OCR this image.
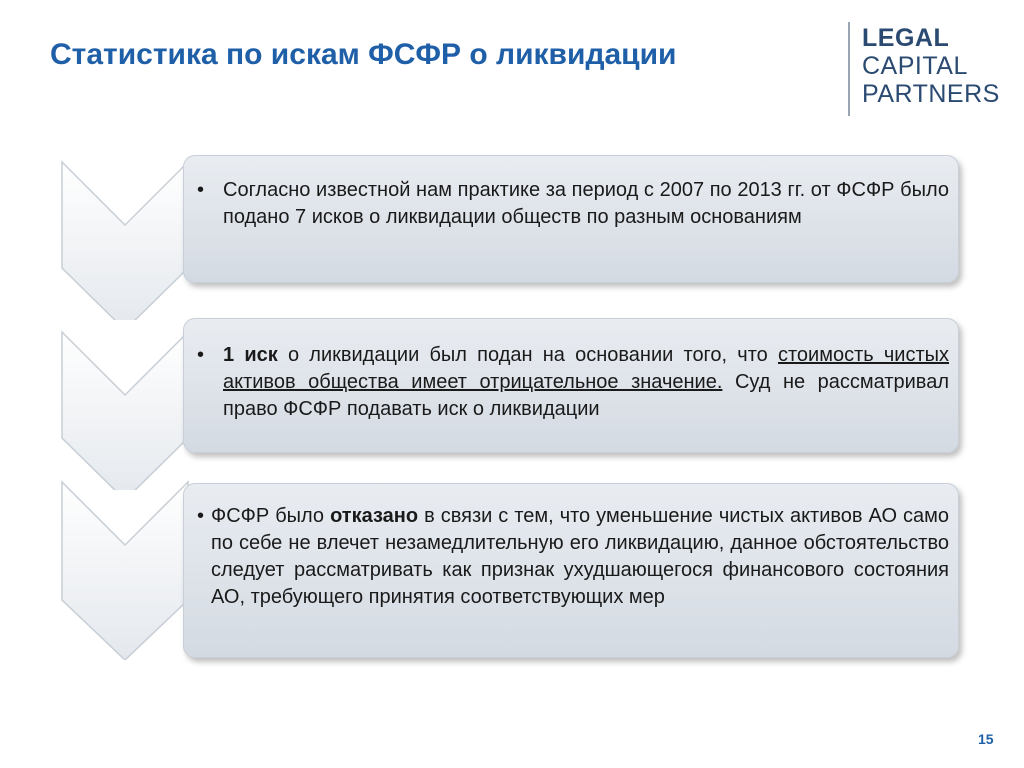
Статистика по искам ФСФР о ликвидации	LEGAL
CAPITAL
PARTNERS
• Согласно известной нам практике за период с 2007 по 2013 гг. от ФСФР было подано 7 исков о ликвидации обществ по разным основаниям
• 1 иск о ликвидации был подан на основании того, что стоимость чистых активов общества имеет отрицательное значение. Суд не рассматривал право ФСФР подавать иск о ликвидации
• ФСФР было отказано в связи с тем, что уменьшение чистых активов АО само по себе не влечет незамедлительную его ликвидацию, данное обстоятельство следует рассматривать как признак ухудшающегося финансового состояния АО, требующего принятия соответствующих мер
15
